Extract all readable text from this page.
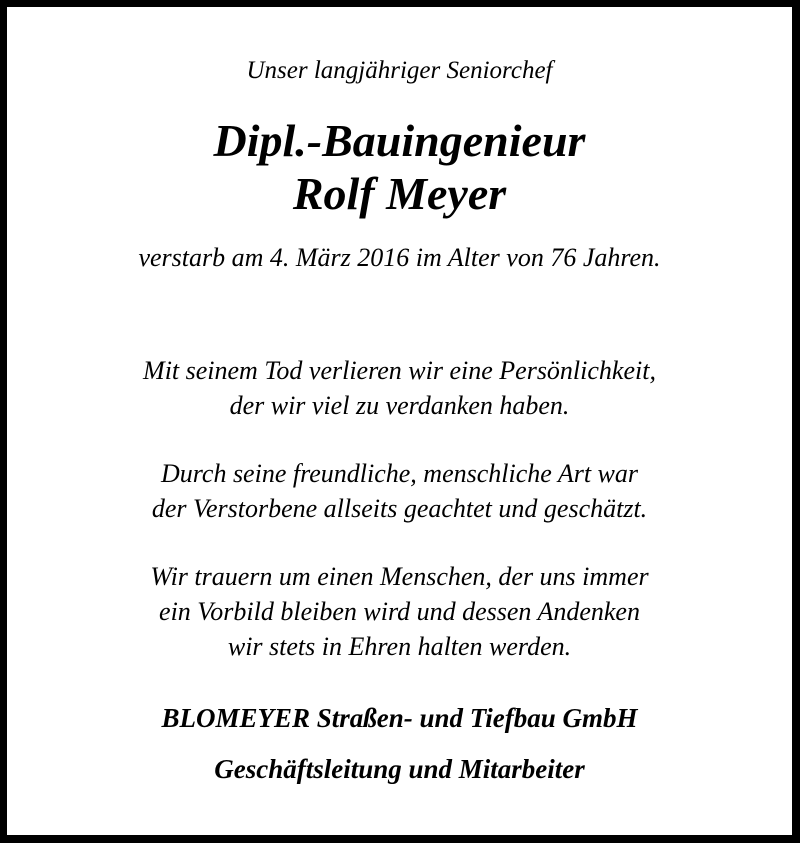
Unser langjähriger Seniorchef
Dipl.-Bauingenieur
Rolf Meyer
verstarb am 4. März 2016 im Alter von 76 Jahren.
Mit seinem Tod verlieren wir eine Persönlichkeit,
der wir viel zu verdanken haben.
Durch seine freundliche, menschliche Art war
der Verstorbene allseits geachtet und geschätzt.
Wir trauern um einen Menschen, der uns immer
ein Vorbild bleiben wird und dessen Andenken
wir stets in Ehren halten werden.
BLOMEYER Straßen- und Tiefbau GmbH
Geschäftsleitung und Mitarbeiter
